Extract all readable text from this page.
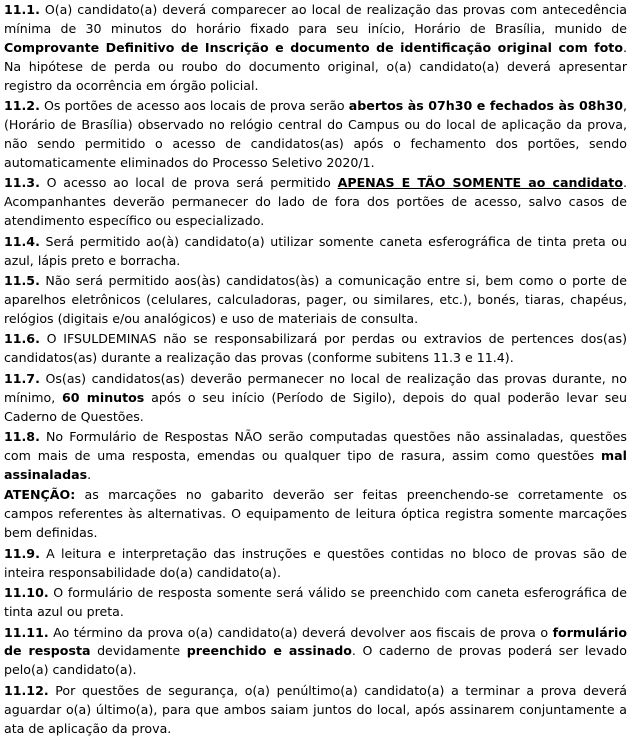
11.1. O(a) candidato(a) deverá comparecer ao local de realização das provas com antecedência mínima de 30 minutos do horário fixado para seu início, Horário de Brasília, munido de Comprovante Definitivo de Inscrição e documento de identificação original com foto. Na hipótese de perda ou roubo do documento original, o(a) candidato(a) deverá apresentar registro da ocorrência em órgão policial.

11.2. Os portões de acesso aos locais de prova serão abertos às 07h30 e fechados às 08h30, (Horário de Brasília) observado no relógio central do Campus ou do local de aplicação da prova, não sendo permitido o acesso de candidatos(as) após o fechamento dos portões, sendo automaticamente eliminados do Processo Seletivo 2020/1.

11.3. O acesso ao local de prova será permitido APENAS E TÃO SOMENTE ao candidato. Acompanhantes deverão permanecer do lado de fora dos portões de acesso, salvo casos de atendimento específico ou especializado.

11.4. Será permitido ao(à) candidato(a) utilizar somente caneta esferográfica de tinta preta ou azul, lápis preto e borracha.

11.5. Não será permitido aos(às) candidatos(às) a comunicação entre si, bem como o porte de aparelhos eletrônicos (celulares, calculadoras, pager, ou similares, etc.), bonés, tiaras, chapéus, relógios (digitais e/ou analógicos) e uso de materiais de consulta.

11.6. O IFSULDEMINAS não se responsabilizará por perdas ou extravios de pertences dos(as) candidatos(as) durante a realização das provas (conforme subitens 11.3 e 11.4).

11.7. Os(as) candidatos(as) deverão permanecer no local de realização das provas durante, no mínimo, 60 minutos após o seu início (Período de Sigilo), depois do qual poderão levar seu Caderno de Questões.

11.8. No Formulário de Respostas NÃO serão computadas questões não assinaladas, questões com mais de uma resposta, emendas ou qualquer tipo de rasura, assim como questões mal assinaladas.

ATENÇÃO: as marcações no gabarito deverão ser feitas preenchendo-se corretamente os campos referentes às alternativas. O equipamento de leitura óptica registra somente marcações bem definidas.

11.9. A leitura e interpretação das instruções e questões contidas no bloco de provas são de inteira responsabilidade do(a) candidato(a).

11.10. O formulário de resposta somente será válido se preenchido com caneta esferográfica de tinta azul ou preta.

11.11. Ao término da prova o(a) candidato(a) deverá devolver aos fiscais de prova o formulário de resposta devidamente preenchido e assinado. O caderno de provas poderá ser levado pelo(a) candidato(a).

11.12. Por questões de segurança, o(a) penúltimo(a) candidato(a) a terminar a prova deverá aguardar o(a) último(a), para que ambos saiam juntos do local, após assinarem conjuntamente a ata de aplicação da prova.
